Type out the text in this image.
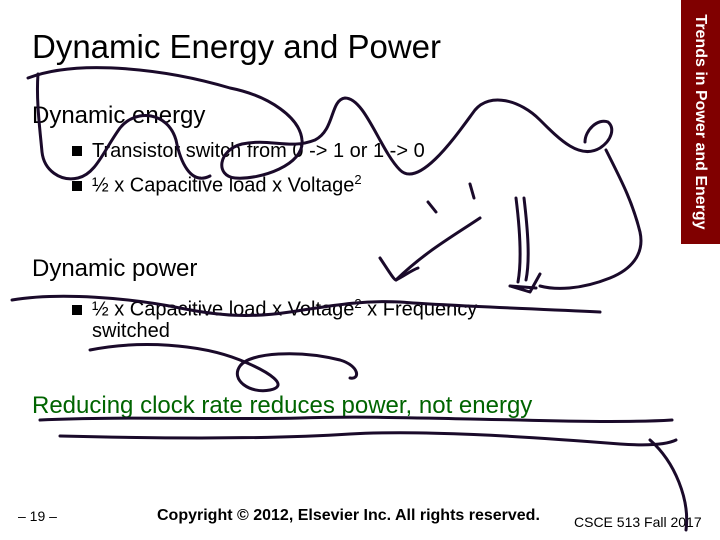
Dynamic Energy and Power	Trends in Power and Energy
Dynamic energy
Transistor switch from 0 -> 1 or 1 -> 0
½ x Capacitive load x Voltage$^2$
Dynamic power
½ x Capacitive load x Voltage$^2$ x Frequency
switched
Reducing clock rate reduces power, not energy
– 19 –	Copyright © 2012, Elsevier Inc. All rights reserved. CSCE 513 Fall 2017
